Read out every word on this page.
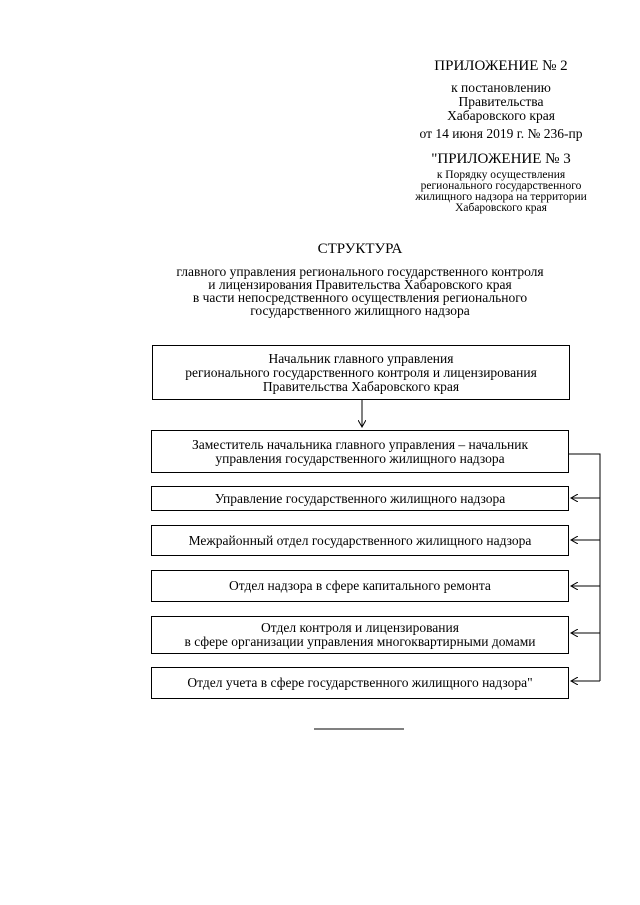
ПРИЛОЖЕНИЕ № 2
к постановлению
Правительства
Хабаровского края
от 14 июня 2019 г. № 236-пр
"ПРИЛОЖЕНИЕ № 3
к Порядку осуществления
регионального государственного
жилищного надзора на территории
Хабаровского края
СТРУКТУРА
главного управления регионального государственного контроля
и лицензирования Правительства Хабаровского края
в части непосредственного осуществления регионального
государственного жилищного надзора
Начальник главного управления
регионального государственного контроля и лицензирования
Правительства Хабаровского края
Заместитель начальника главного управления – начальник
управления государственного жилищного надзора
Управление государственного жилищного надзора
Межрайонный отдел государственного жилищного надзора
Отдел надзора в сфере капитального ремонта
Отдел контроля и лицензирования
в сфере организации управления многоквартирными домами
Отдел учета в сфере государственного жилищного надзора"
